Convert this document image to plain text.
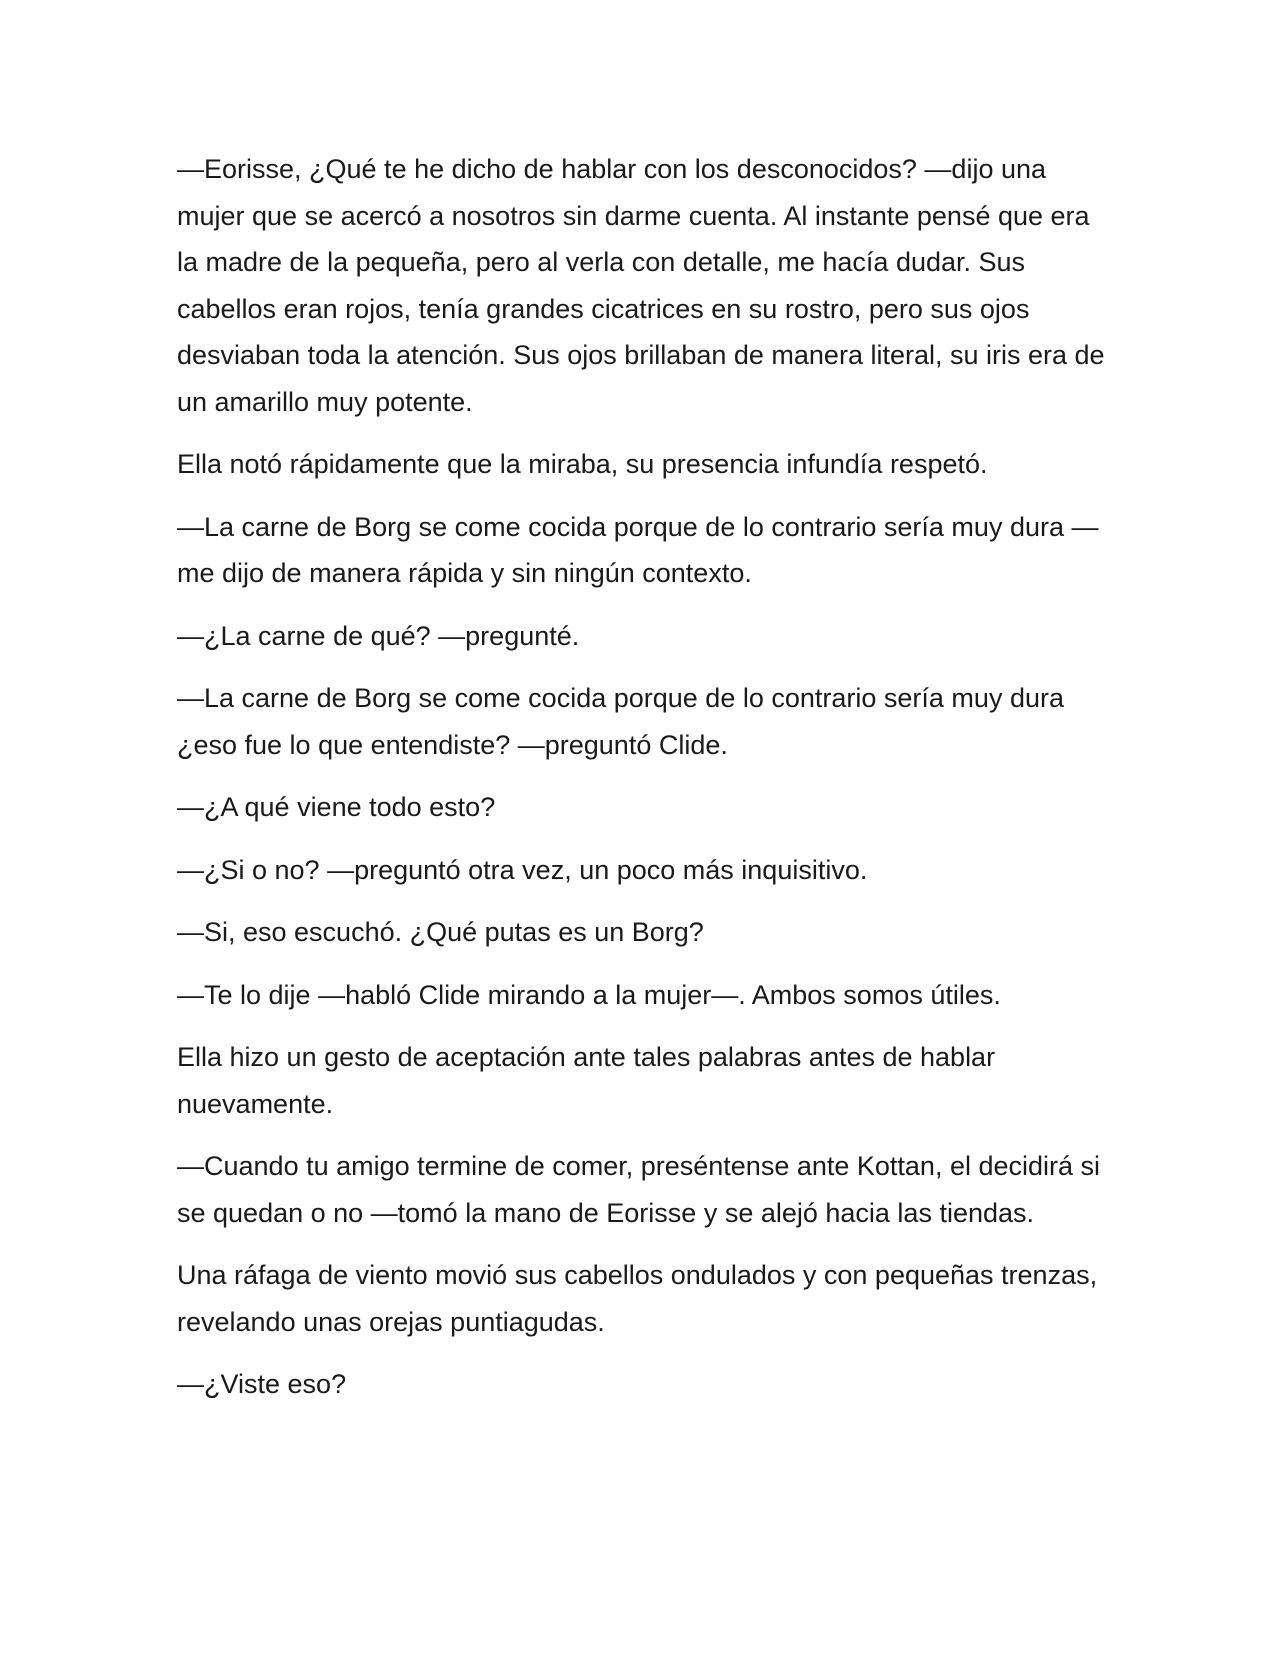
—Eorisse, ¿Qué te he dicho de hablar con los desconocidos? —dijo una mujer que se acercó a nosotros sin darme cuenta. Al instante pensé que era la madre de la pequeña, pero al verla con detalle, me hacía dudar. Sus cabellos eran rojos, tenía grandes cicatrices en su rostro, pero sus ojos desviaban toda la atención. Sus ojos brillaban de manera literal, su iris era de un amarillo muy potente.

Ella notó rápidamente que la miraba, su presencia infundía respetó.

—La carne de Borg se come cocida porque de lo contrario sería muy dura —me dijo de manera rápida y sin ningún contexto.

—¿La carne de qué? —pregunté.

—La carne de Borg se come cocida porque de lo contrario sería muy dura ¿eso fue lo que entendiste? —preguntó Clide.

—¿A qué viene todo esto?

—¿Si o no? —preguntó otra vez, un poco más inquisitivo.

—Si, eso escuchó. ¿Qué putas es un Borg?

—Te lo dije —habló Clide mirando a la mujer—. Ambos somos útiles.

Ella hizo un gesto de aceptación ante tales palabras antes de hablar nuevamente.

—Cuando tu amigo termine de comer, preséntense ante Kottan, el decidirá si se quedan o no —tomó la mano de Eorisse y se alejó hacia las tiendas.

Una ráfaga de viento movió sus cabellos ondulados y con pequeñas trenzas, revelando unas orejas puntiagudas.

—¿Viste eso?
